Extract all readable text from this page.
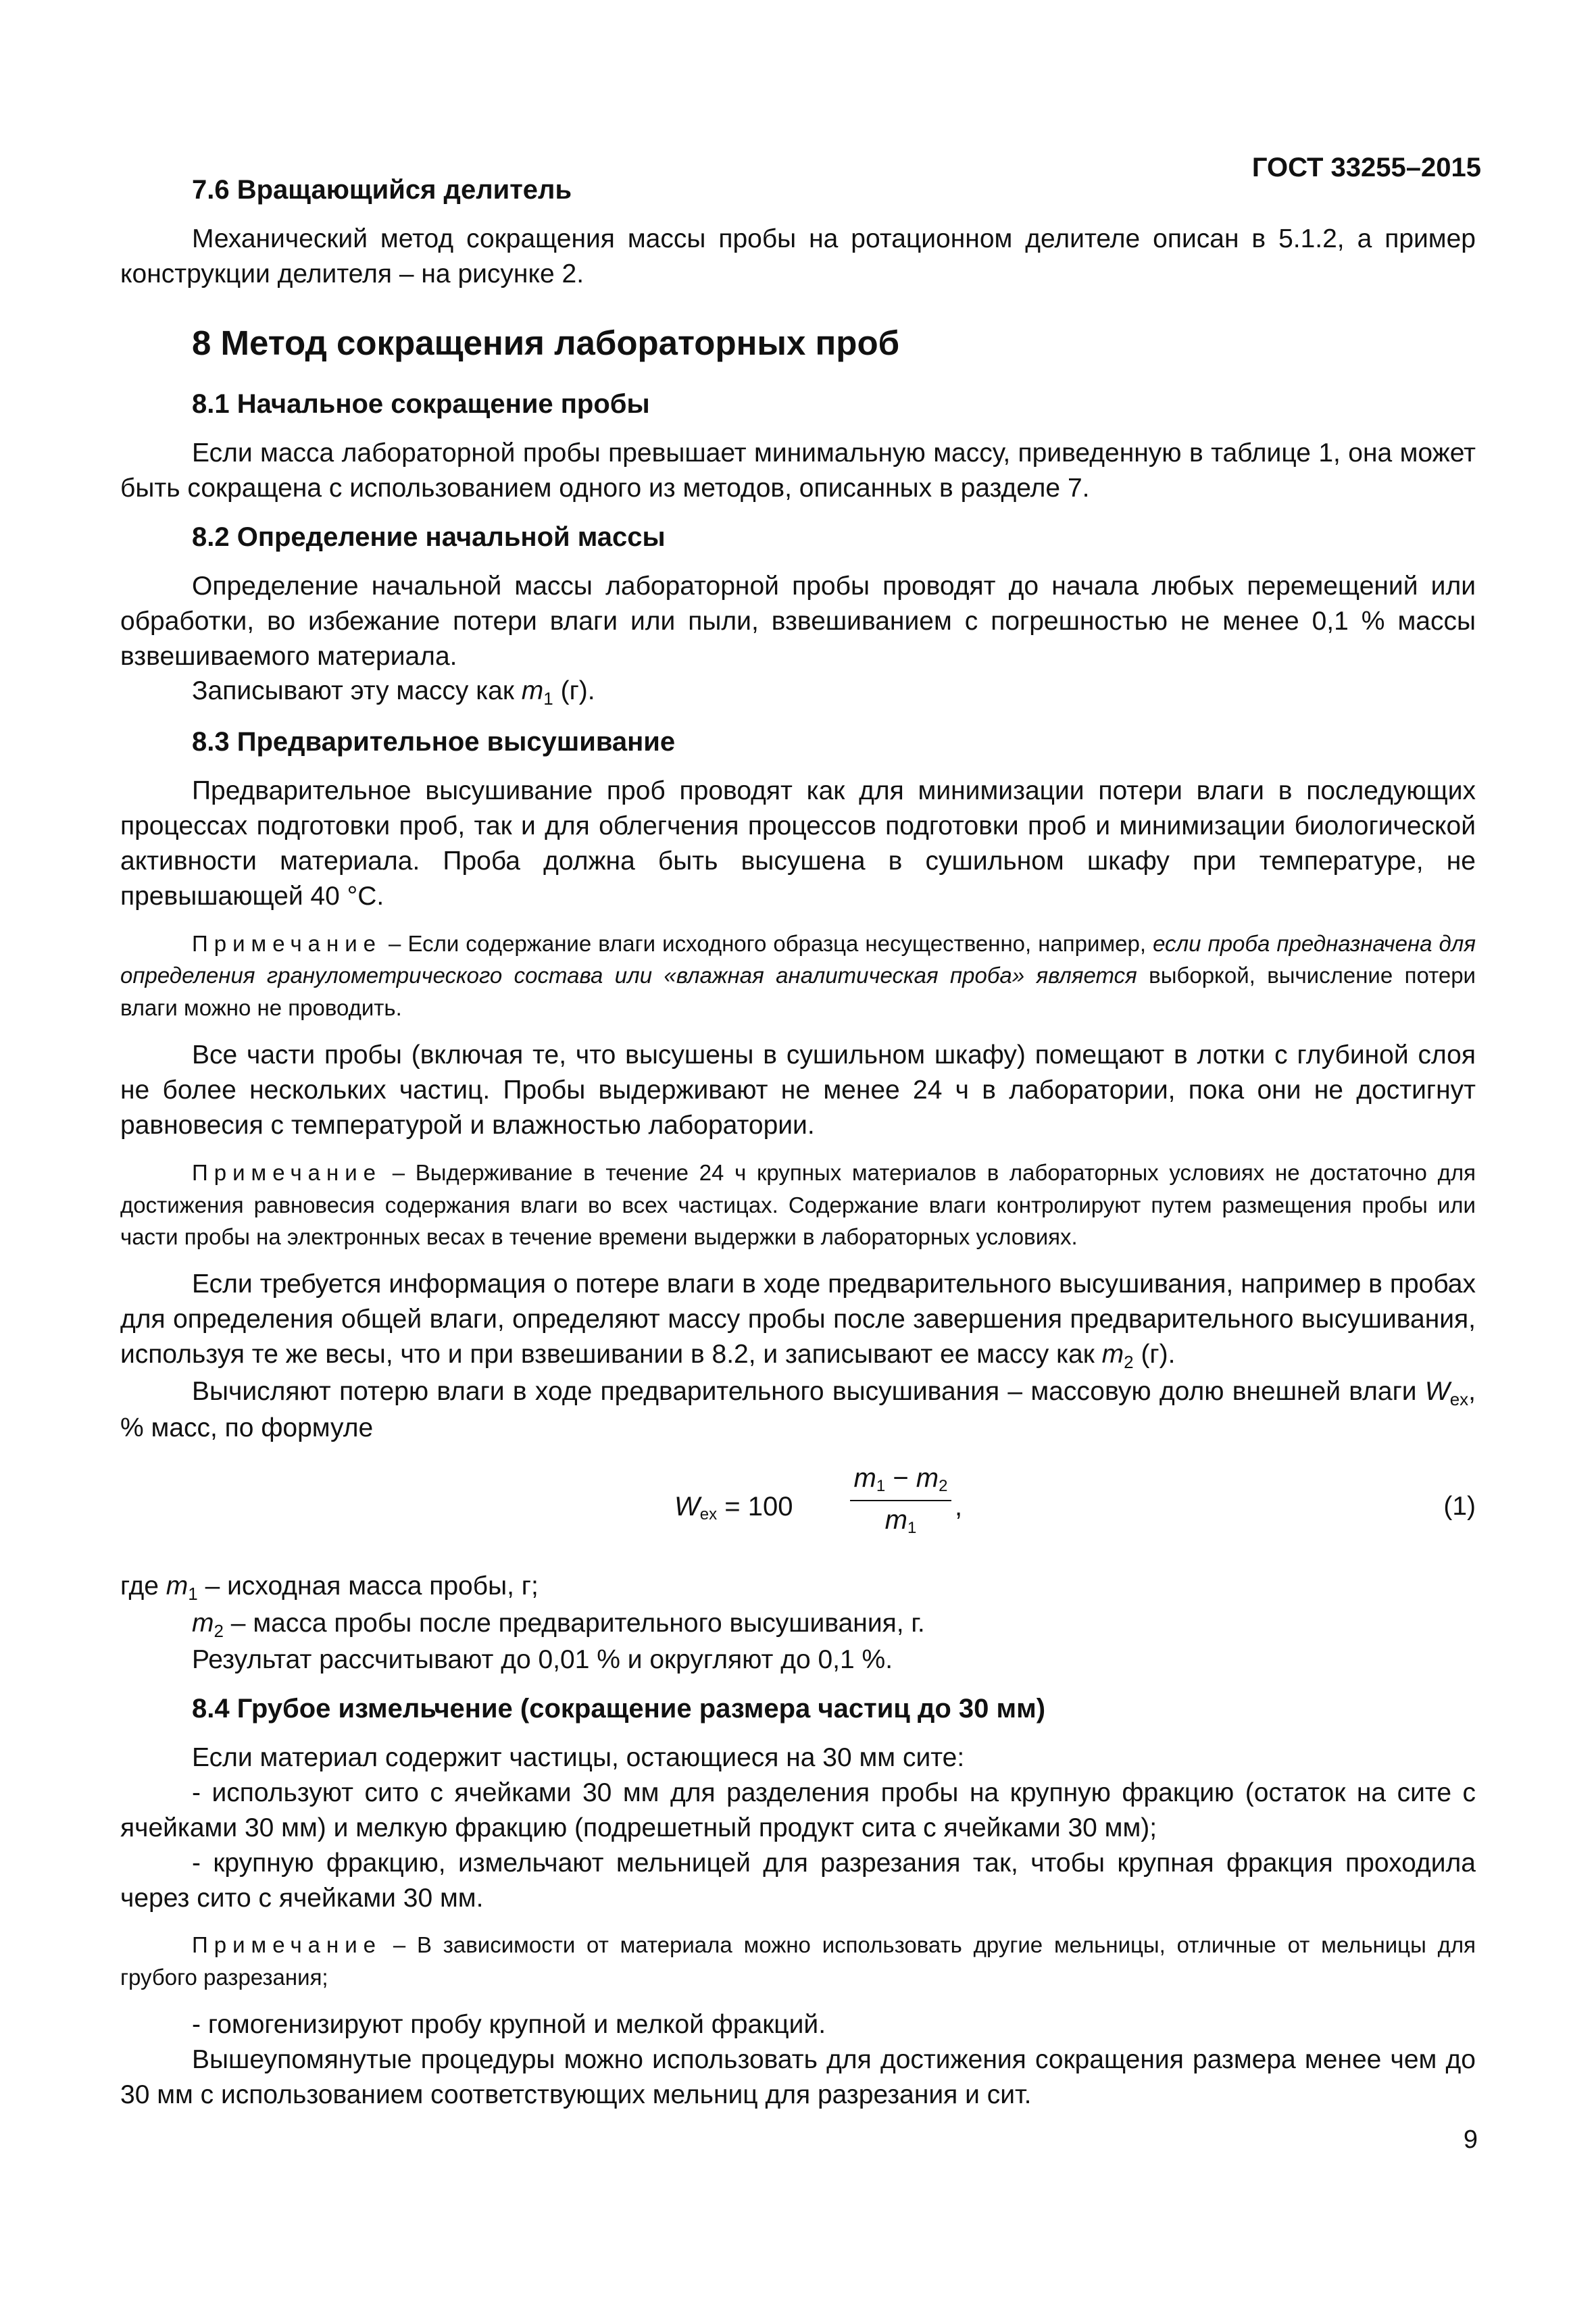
ГОСТ 33255–2015
7.6 Вращающийся делитель

Механический метод сокращения массы пробы на ротационном делителе описан в 5.1.2, а пример конструкции делителя – на рисунке 2.

8 Метод сокращения лабораторных проб
8.1 Начальное сокращение пробы

Если масса лабораторной пробы превышает минимальную массу, приведенную в таблице 1, она может быть сокращена с использованием одного из методов, описанных в разделе 7.

8.2 Определение начальной массы

Определение начальной массы лабораторной пробы проводят до начала любых перемещений или обработки, во избежание потери влаги или пыли, взвешиванием с погрешностью не менее 0,1 % массы взвешиваемого материала.

Записывают эту массу как $m_1$ (г).

8.3 Предварительное высушивание

Предварительное высушивание проб проводят как для минимизации потери влаги в последующих процессах подготовки проб, так и для облегчения процессов подготовки проб и минимизации биологической активности материала. Проба должна быть высушена в сушильном шкафу при температуре, не превышающей 40 °С.

Примечание – Если содержание влаги исходного образца несущественно, например, если проба предназначена для определения гранулометрического состава или «влажная аналитическая проба» является выборкой, вычисление потери влаги можно не проводить.

Все части пробы (включая те, что высушены в сушильном шкафу) помещают в лотки с глубиной слоя не более нескольких частиц. Пробы выдерживают не менее 24 ч в лаборатории, пока они не достигнут равновесия с температурой и влажностью лаборатории.

Примечание – Выдерживание в течение 24 ч крупных материалов в лабораторных условиях не достаточно для достижения равновесия содержания влаги во всех частицах. Содержание влаги контролируют путем размещения пробы или части пробы на электронных весах в течение времени выдержки в лабораторных условиях.

Если требуется информация о потере влаги в ходе предварительного высушивания, например в пробах для определения общей влаги, определяют массу пробы после завершения предварительного высушивания, используя те же весы, что и при взвешивании в 8.2, и записывают ее массу как $m_2$ (г).

Вычисляют потерю влаги в ходе предварительного высушивания – массовую долю внешней влаги $W_{ex}$, % масс, по формуле

$W_{ex} = 100$
$m_1 - m_2$
$m_1$
,	(1)

где $m_1$ – исходная масса пробы, г;

$m_2$ – масса пробы после предварительного высушивания, г.

Результат рассчитывают до 0,01 % и округляют до 0,1 %.

8.4 Грубое измельчение (сокращение размера частиц до 30 мм)

Если материал содержит частицы, остающиеся на 30 мм сите:

- используют сито с ячейками 30 мм для разделения пробы на крупную фракцию (остаток на сите с ячейками 30 мм) и мелкую фракцию (подрешетный продукт сита с ячейками 30 мм);

- крупную фракцию, измельчают мельницей для разрезания так, чтобы крупная фракция проходила через сито с ячейками 30 мм.

Примечание – В зависимости от материала можно использовать другие мельницы, отличные от мельницы для грубого разрезания;

- гомогенизируют пробу крупной и мелкой фракций.

Вышеупомянутые процедуры можно использовать для достижения сокращения размера менее чем до 30 мм с использованием соответствующих мельниц для разрезания и сит.

9
